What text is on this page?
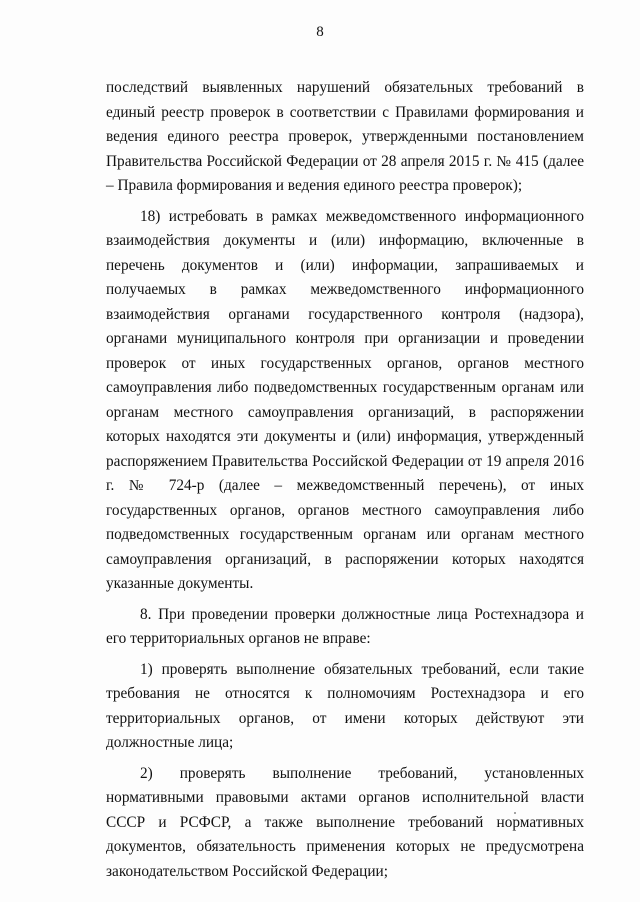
8

последствий выявленных нарушений обязательных требований в единый реестр проверок в соответствии с Правилами формирования и ведения единого реестра проверок, утвержденными постановлением Правительства Российской Федерации от 28 апреля 2015 г. № 415 (далее – Правила формирования и ведения единого реестра проверок);

18) истребовать в рамках межведомственного информационного взаимодействия документы и (или) информацию, включенные в перечень документов и (или) информации, запрашиваемых и получаемых в рамках межведомственного информационного взаимодействия органами государственного контроля (надзора), органами муниципального контроля при организации и проведении проверок от иных государственных органов, органов местного самоуправления либо подведомственных государственным органам или органам местного самоуправления организаций, в распоряжении которых находятся эти документы и (или) информация, утвержденный распоряжением Правительства Российской Федерации от 19 апреля 2016 г. № 724-р (далее – межведомственный перечень), от иных государственных органов, органов местного самоуправления либо подведомственных государственным органам или органам местного самоуправления организаций, в распоряжении которых находятся указанные документы.

8. При проведении проверки должностные лица Ростехнадзора и его территориальных органов не вправе:

1) проверять выполнение обязательных требований, если такие требования не относятся к полномочиям Ростехнадзора и его территориальных органов, от имени которых действуют эти должностные лица;

2) проверять выполнение требований, установленных нормативными правовыми актами органов исполнительной власти СССР и РСФСР, а также выполнение требований нормативных документов, обязательность применения которых не предусмотрена законодательством Российской Федерации;
